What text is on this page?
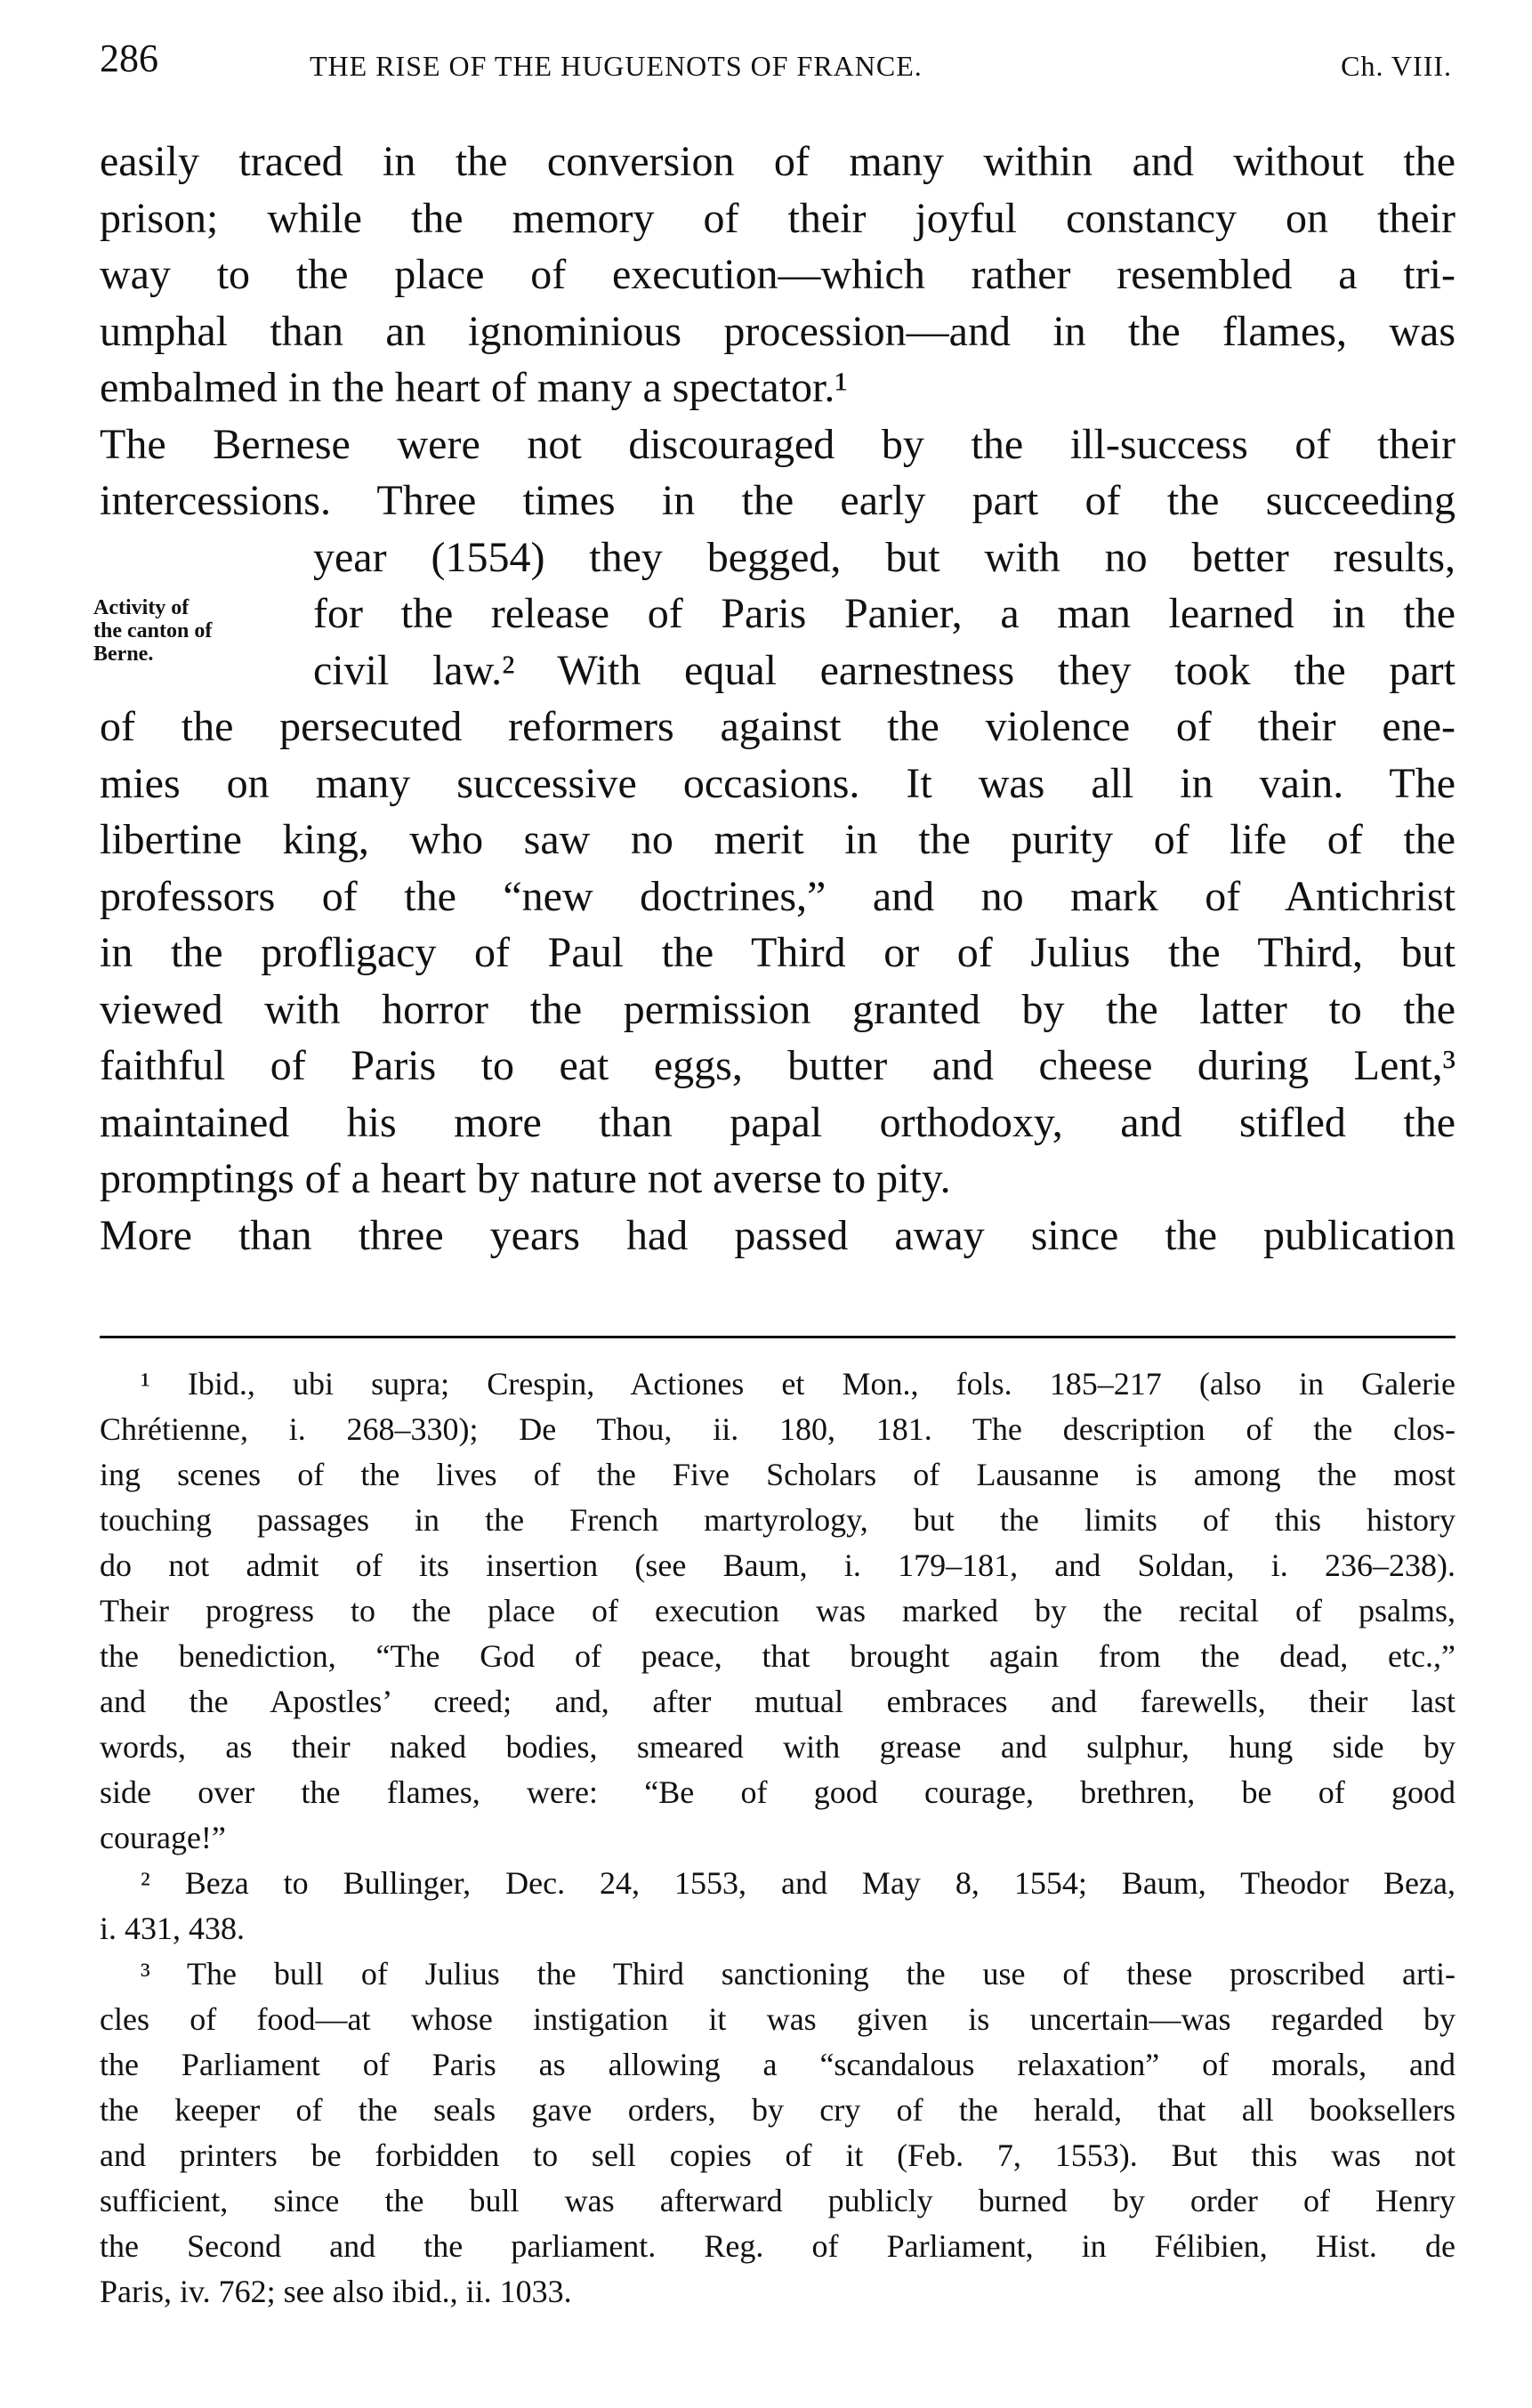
286	THE RISE OF THE HUGUENOTS OF FRANCE.	Ch. VIII.
Activity of
the canton of
Berne.
easily traced in the conversion of many within and without the
prison; while the memory of their joyful constancy on their
way to the place of execution—which rather resembled a tri-
umphal than an ignominious procession—and in the flames, was
embalmed in the heart of many a spectator.¹
The Bernese were not discouraged by the ill-success of their
intercessions. Three times in the early part of the succeeding
year (1554) they begged, but with no better results,
for the release of Paris Panier, a man learned in the
civil law.² With equal earnestness they took the part
of the persecuted reformers against the violence of their ene-
mies on many successive occasions. It was all in vain. The
libertine king, who saw no merit in the purity of life of the
professors of the “new doctrines,” and no mark of Antichrist
in the profligacy of Paul the Third or of Julius the Third, but
viewed with horror the permission granted by the latter to the
faithful of Paris to eat eggs, butter and cheese during Lent,³
maintained his more than papal orthodoxy, and stifled the
promptings of a heart by nature not averse to pity.
More than three years had passed away since the publication
¹ Ibid., ubi supra; Crespin, Actiones et Mon., fols. 185–217 (also in Galerie
Chrétienne, i. 268–330); De Thou, ii. 180, 181. The description of the clos-
ing scenes of the lives of the Five Scholars of Lausanne is among the most
touching passages in the French martyrology, but the limits of this history
do not admit of its insertion (see Baum, i. 179–181, and Soldan, i. 236–238).
Their progress to the place of execution was marked by the recital of psalms,
the benediction, “The God of peace, that brought again from the dead, etc.,”
and the Apostles’ creed; and, after mutual embraces and farewells, their last
words, as their naked bodies, smeared with grease and sulphur, hung side by
side over the flames, were: “Be of good courage, brethren, be of good
courage!”
² Beza to Bullinger, Dec. 24, 1553, and May 8, 1554; Baum, Theodor Beza,
i. 431, 438.
³ The bull of Julius the Third sanctioning the use of these proscribed arti-
cles of food—at whose instigation it was given is uncertain—was regarded by
the Parliament of Paris as allowing a “scandalous relaxation” of morals, and
the keeper of the seals gave orders, by cry of the herald, that all booksellers
and printers be forbidden to sell copies of it (Feb. 7, 1553). But this was not
sufficient, since the bull was afterward publicly burned by order of Henry
the Second and the parliament. Reg. of Parliament, in Félibien, Hist. de
Paris, iv. 762; see also ibid., ii. 1033.
